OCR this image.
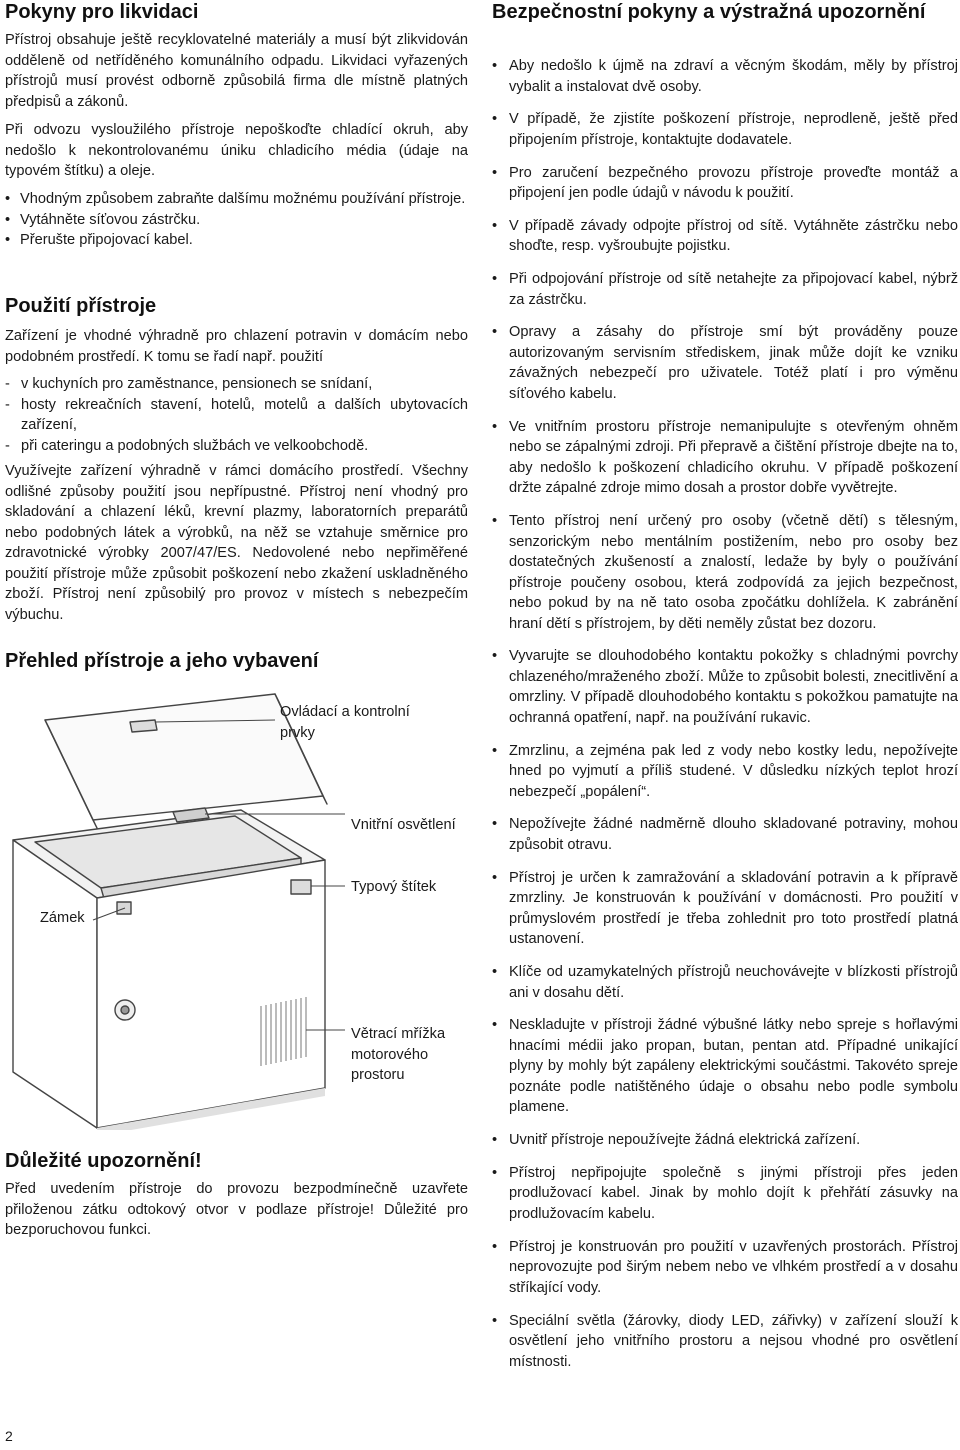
Pokyny pro likvidaci

Přístroj obsahuje ještě recyklovatelné materiály a musí být zlikvidován odděleně od netříděného komunálního odpadu. Likvidaci vyřazených přístrojů musí provést odborně způsobilá firma dle místně platných předpisů a zákonů.

Při odvozu vysloužilého přístroje nepoškoďte chladící okruh, aby nedošlo k nekontrolovanému úniku chladicího média (údaje na typovém štítku) a oleje.

• Vhodným způsobem zabraňte dalšímu možnému používání přístroje.
• Vytáhněte síťovou zástrčku.
• Přerušte připojovací kabel.
Použití přístroje

Zařízení je vhodné výhradně pro chlazení potravin v domácím nebo podobném prostředí. K tomu se řadí např. použití

- v kuchyních pro zaměstnance, pensionech se snídaní,
- hosty rekreačních stavení, hotelů, motelů a dalších ubytovacích zařízení,
- při cateringu a podobných službách ve velkoobchodě.

Využívejte zařízení výhradně v rámci domácího prostředí. Všechny odlišné způsoby použití jsou nepřípustné. Přístroj není vhodný pro skladování a chlazení léků, krevní plazmy, laboratorních preparátů nebo podobných látek a výrobků, na něž se vztahuje směrnice pro zdravotnické výrobky 2007/47/ES. Nedovolené nebo nepřiměřené použití přístroje může způsobit poškození nebo zkažení uskladněného zboží. Přístroj není způsobilý pro provoz v místech s nebezpečím výbuchu.

Přehled přístroje a jeho vybavení
Ovládací a kontrolní prvky
Vnitřní osvětlení
Typový štítek
Zámek
Větrací mřížka motorového prostoru
Důležité upozornění!

Před uvedením přístroje do provozu bezpodmínečně uzavřete přiloženou zátku odtokový otvor v podlaze přístroje! Důležité pro bezporuchovou funkci.

Bezpečnostní pokyny a výstražná upozornění
• Aby nedošlo k újmě na zdraví a věcným škodám, měly by přístroj vybalit a instalovat dvě osoby.
• V případě, že zjistíte poškození přístroje, neprodleně, ještě před připojením přístroje, kontaktujte dodavatele.
• Pro zaručení bezpečného provozu přístroje proveďte montáž a připojení jen podle údajů v návodu k použití.
• V případě závady odpojte přístroj od sítě. Vytáhněte zástrčku nebo shoďte, resp. vyšroubujte pojistku.
• Při odpojování přístroje od sítě netahejte za připojovací kabel, nýbrž za zástrčku.
• Opravy a zásahy do přístroje smí být prováděny pouze autorizovaným servisním střediskem, jinak může dojít ke vzniku závažných nebezpečí pro uživatele. Totéž platí i pro výměnu síťového kabelu.
• Ve vnitřním prostoru přístroje nemanipulujte s otevřeným ohněm nebo se zápalnými zdroji. Při přepravě a čištění přístroje dbejte na to, aby nedošlo k poškození chladicího okruhu. V případě poškození držte zápalné zdroje mimo dosah a prostor dobře vyvětrejte.
• Tento přístroj není určený pro osoby (včetně dětí) s tělesným, senzorickým nebo mentálním postižením, nebo pro osoby bez dostatečných zkušeností a znalostí, ledaže by byly o používání přístroje poučeny osobou, která zodpovídá za jejich bezpečnost, nebo pokud by na ně tato osoba zpočátku dohlížela. K zabránění hraní dětí s přístrojem, by děti neměly zůstat bez dozoru.
• Vyvarujte se dlouhodobého kontaktu pokožky s chladnými povrchy chlazeného/mraženého zboží. Může to způsobit bolesti, znecitlivění a omrzliny. V případě dlouhodobého kontaktu s pokožkou pamatujte na ochranná opatření, např. na používání rukavic.
• Zmrzlinu, a zejména pak led z vody nebo kostky ledu, nepožívejte hned po vyjmutí a příliš studené. V důsledku nízkých teplot hrozí nebezpečí „popálení“.
• Nepožívejte žádné nadměrně dlouho skladované potraviny, mohou způsobit otravu.
• Přístroj je určen k zamražování a skladování potravin a k přípravě zmrzliny. Je konstruován k používání v domácnosti. Pro použití v průmyslovém prostředí je třeba zohlednit pro toto prostředí platná ustanovení.
• Klíče od uzamykatelných přístrojů neuchovávejte v blízkosti přístrojů ani v dosahu dětí.
• Neskladujte v přístroji žádné výbušné látky nebo spreje s hořlavými hnacími médii jako propan, butan, pentan atd. Případné unikající plyny by mohly být zapáleny elektrickými součástmi. Takovéto spreje poznáte podle natištěného údaje o obsahu nebo podle symbolu plamene.
• Uvnitř přístroje nepoužívejte žádná elektrická zařízení.
• Přístroj nepřipojujte společně s jinými přístroji přes jeden prodlužovací kabel. Jinak by mohlo dojít k přehřátí zásuvky na prodlužovacím kabelu.
• Přístroj je konstruován pro použití v uzavřených prostorách. Přístroj neprovozujte pod širým nebem nebo ve vlhkém prostředí a v dosahu stříkající vody.
• Speciální světla (žárovky, diody LED, zářivky) v zařízení slouží k osvětlení jeho vnitřního prostoru a nejsou vhodné pro osvětlení místnosti.
2
